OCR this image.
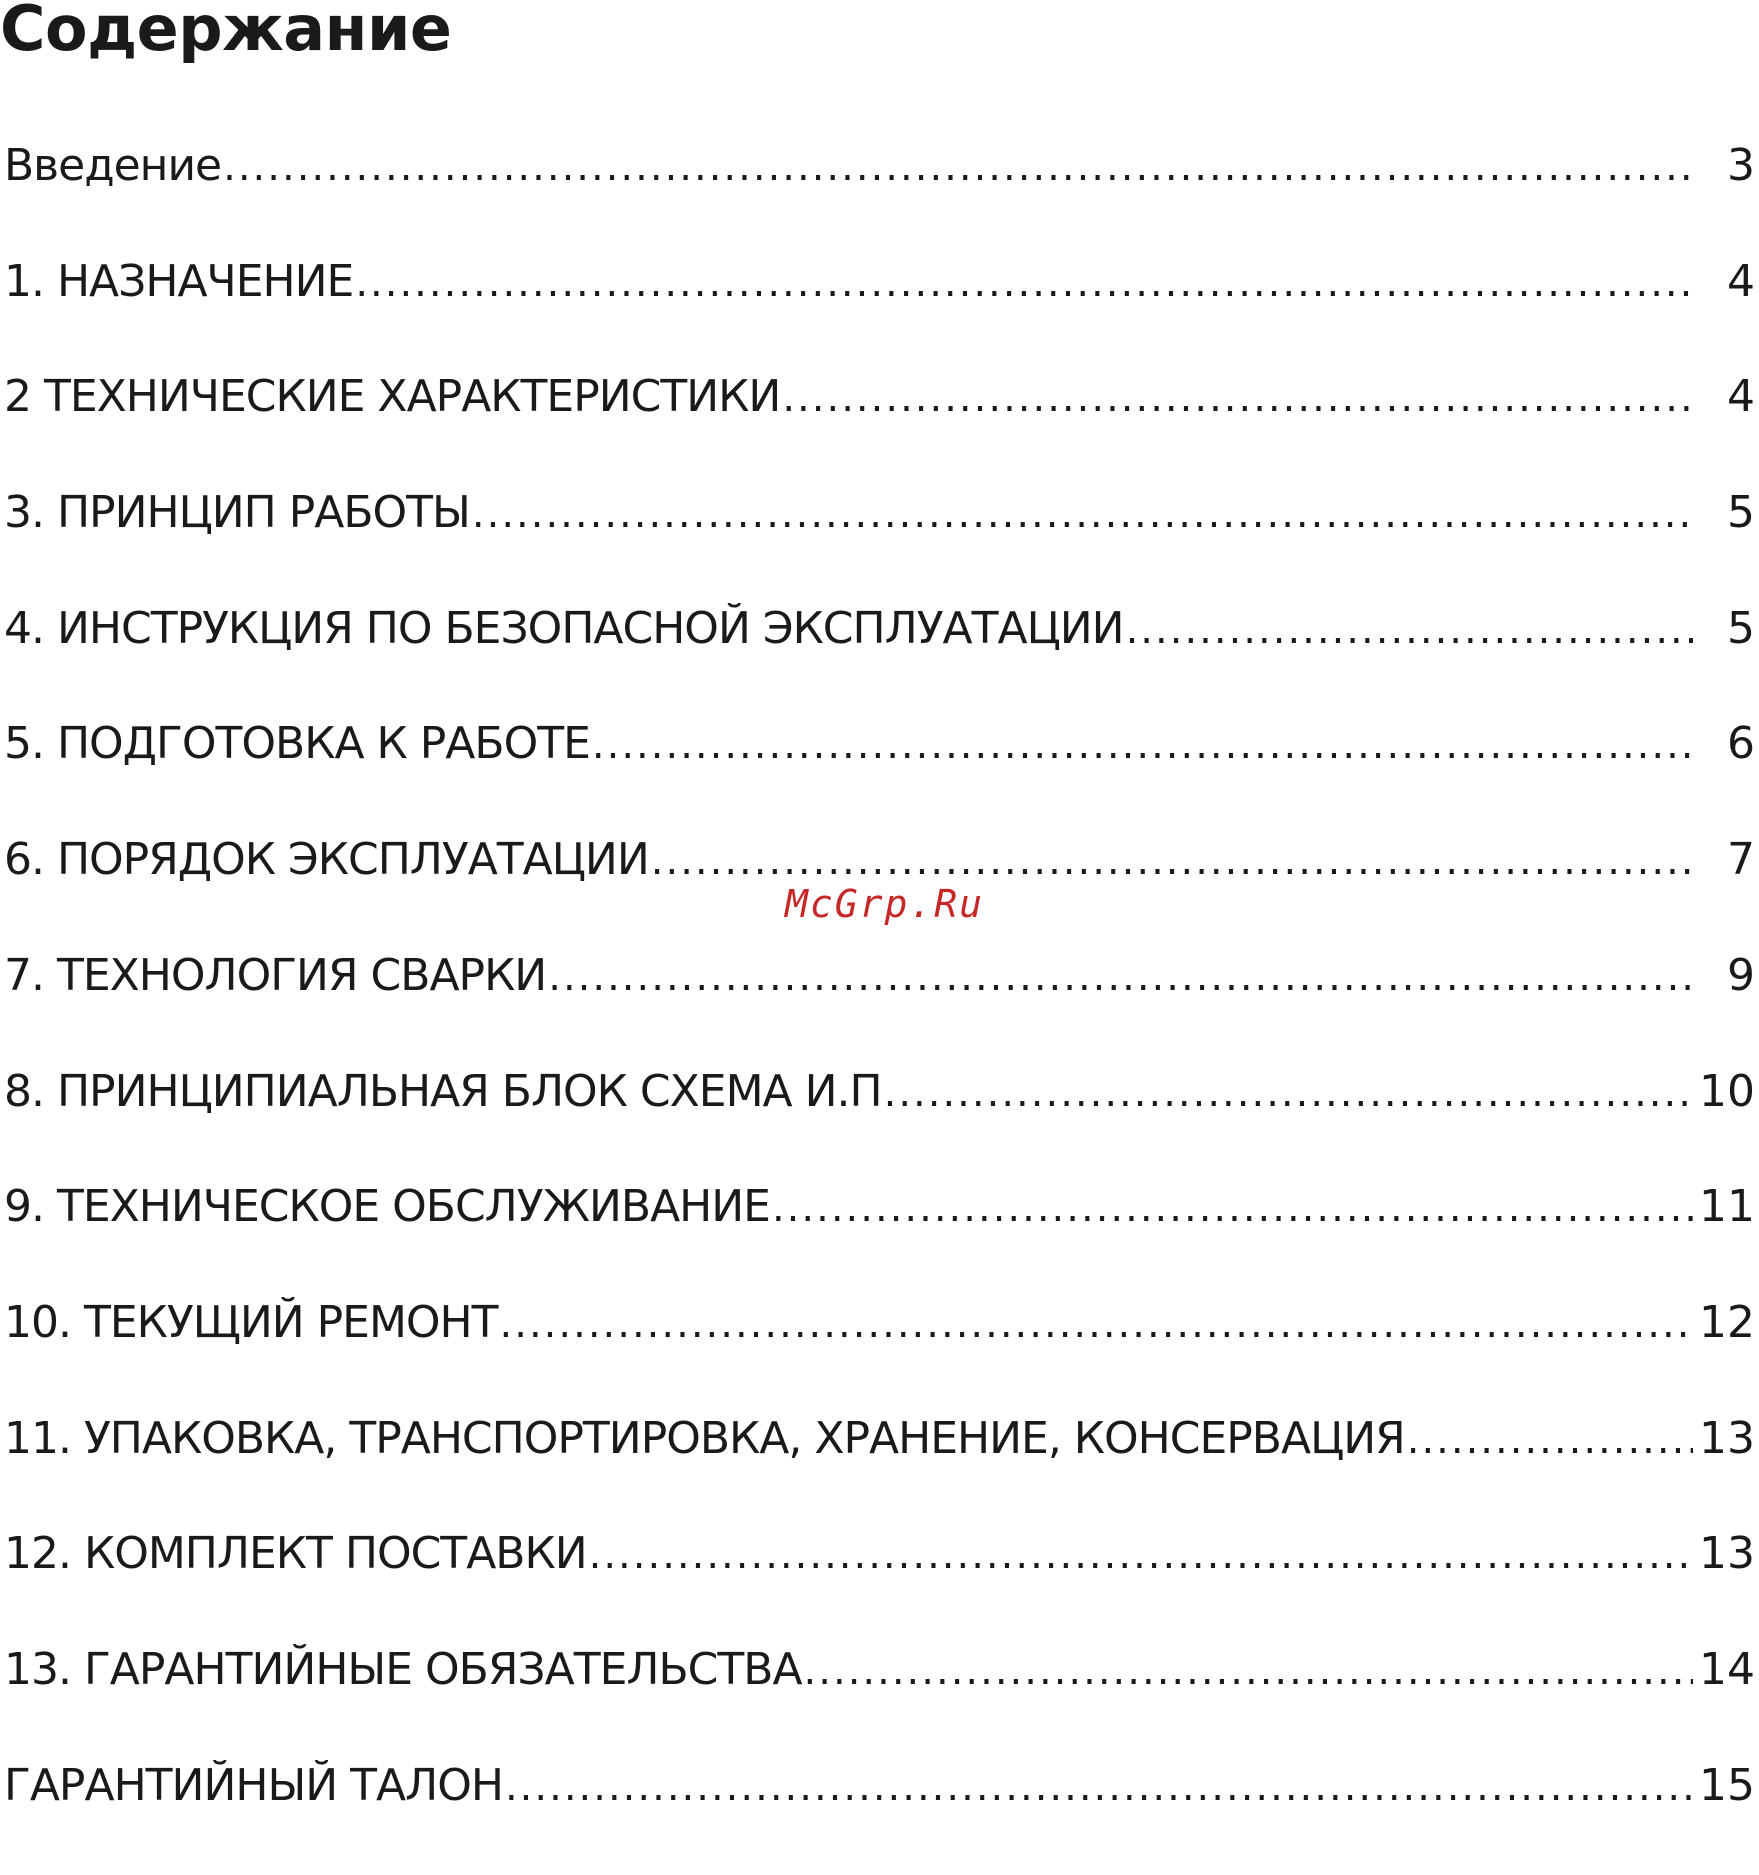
Содержание
Введение .....	3
1. НАЗНАЧЕНИЕ .....	4
2 ТЕХНИЧЕСКИЕ ХАРАКТЕРИСТИКИ .....	4
3. ПРИНЦИП РАБОТЫ .....	5
4. ИНСТРУКЦИЯ ПО БЕЗОПАСНОЙ ЭКСПЛУАТАЦИИ .....	5
5. ПОДГОТОВКА К РАБОТЕ .....	6
6. ПОРЯДОК ЭКСПЛУАТАЦИИ .....	7
7. ТЕХНОЛОГИЯ СВАРКИ .....	9
8. ПРИНЦИПИАЛЬНАЯ БЛОК СХЕМА И.П .....	10
9. ТЕХНИЧЕСКОЕ ОБСЛУЖИВАНИЕ .....	11
10. ТЕКУЩИЙ РЕМОНТ .....	12
11. УПАКОВКА, ТРАНСПОРТИРОВКА, ХРАНЕНИЕ, КОНСЕРВАЦИЯ .....	13
12. КОМПЛЕКТ ПОСТАВКИ .....	13
13. ГАРАНТИЙНЫЕ ОБЯЗАТЕЛЬСТВА .....	14
ГАРАНТИЙНЫЙ ТАЛОН .....	15
McGrp.Ru
